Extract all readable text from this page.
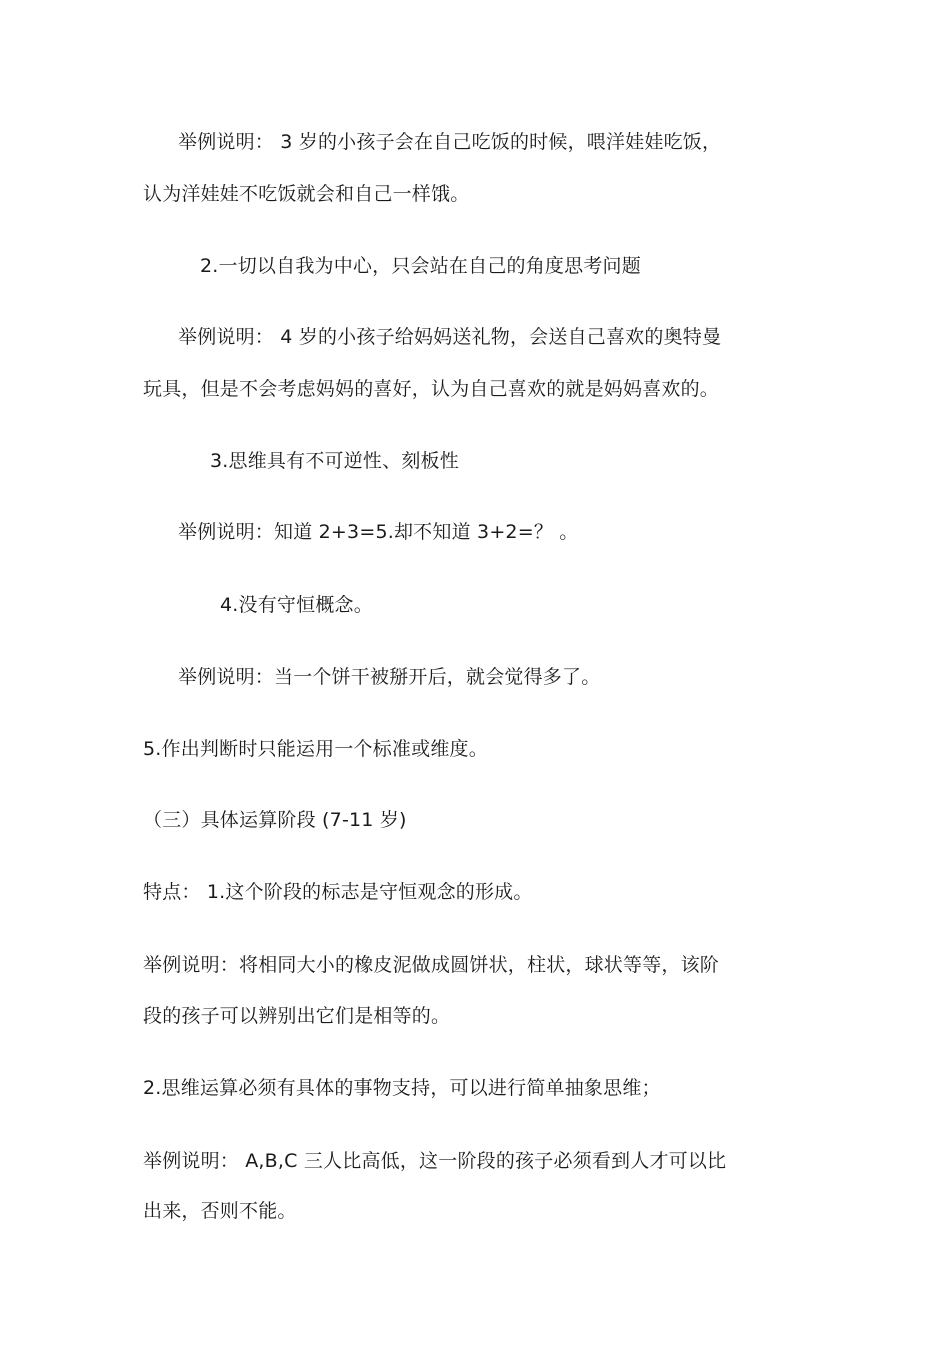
举例说明： 3 岁的小孩子会在自己吃饭的时候，喂洋娃娃吃饭，
认为洋娃娃不吃饭就会和自己一样饿。
2.一切以自我为中心，只会站在自己的角度思考问题
举例说明： 4 岁的小孩子给妈妈送礼物，会送自己喜欢的奥特曼
玩具，但是不会考虑妈妈的喜好，认为自己喜欢的就是妈妈喜欢的。
3.思维具有不可逆性、刻板性
举例说明：知道 2+3=5.却不知道 3+2=？ 。
4.没有守恒概念。
举例说明：当一个饼干被掰开后，就会觉得多了。
5.作出判断时只能运用一个标准或维度。
（三）具体运算阶段 (7-11 岁)
特点： 1.这个阶段的标志是守恒观念的形成。
举例说明：将相同大小的橡皮泥做成圆饼状，柱状，球状等等，该阶
段的孩子可以辨别出它们是相等的。
2.思维运算必须有具体的事物支持，可以进行简单抽象思维；
举例说明： A,B,C 三人比高低，这一阶段的孩子必须看到人才可以比
出来，否则不能。
